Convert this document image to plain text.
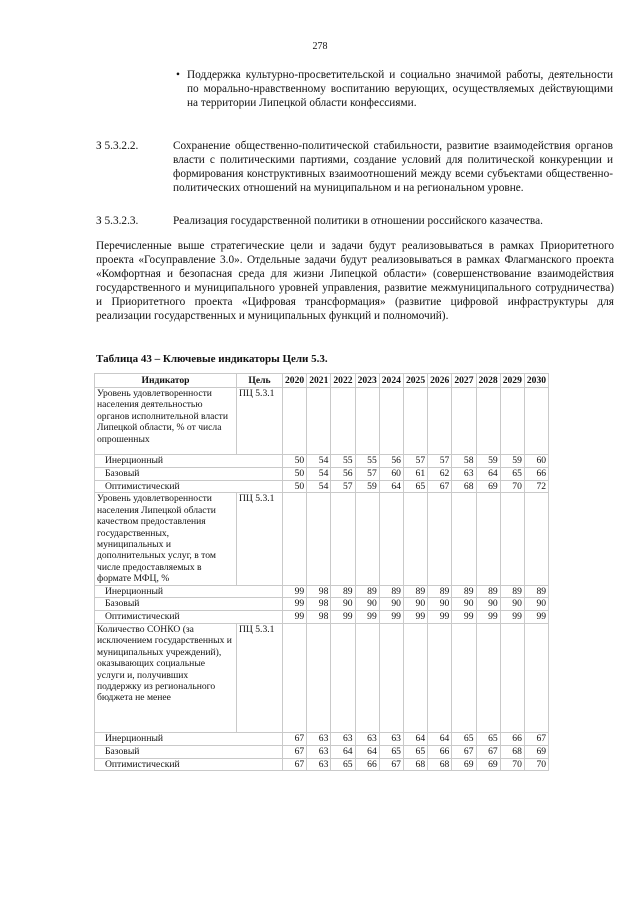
278
• Поддержка культурно-просветительской и социально значимой работы, деятельности по морально-нравственному воспитанию верующих, осуществляемых действующими на территории Липецкой области конфессиями.
З 5.3.2.2.	Сохранение общественно-политической стабильности, развитие взаимодействия органов власти с политическими партиями, создание условий для политической конкуренции и формирования конструктивных взаимоотношений между всеми субъектами общественно-политических отношений на муниципальном и на региональном уровне.
З 5.3.2.3.	Реализация государственной политики в отношении российского казачества.
Перечисленные выше стратегические цели и задачи будут реализовываться в рамках Приоритетного проекта «Госуправление 3.0». Отдельные задачи будут реализовываться в рамках Флагманского проекта «Комфортная и безопасная среда для жизни Липецкой области» (совершенствование взаимодействия государственного и муниципального уровней управления, развитие межмуниципального сотрудничества) и Приоритетного проекта «Цифровая трансформация» (развитие цифровой инфраструктуры для реализации государственных и муниципальных функций и полномочий).
Таблица 43 – Ключевые индикаторы Цели 5.3.
Индикатор	Цель	2020	2021	2022	2023	2024	2025	2026	2027	2028	2029	2030
Уровень удовлетворенности населения деятельностью органов исполнительной власти Липецкой области, % от числа опрошенных	ПЦ 5.3.1											
Инерционный		50	54	55	55	56	57	57	58	59	59	60
Базовый		50	54	56	57	60	61	62	63	64	65	66
Оптимистический		50	54	57	59	64	65	67	68	69	70	72
Уровень удовлетворенности населения Липецкой области качеством предоставления государственных, муниципальных и дополнительных услуг, в том числе предоставляемых в формате МФЦ, %	ПЦ 5.3.1											
Инерционный		99	98	89	89	89	89	89	89	89	89	89
Базовый		99	98	90	90	90	90	90	90	90	90	90
Оптимистический		99	98	99	99	99	99	99	99	99	99	99
Количество СОНКО (за исключением государственных и муниципальных учреждений), оказывающих социальные услуги и, получивших поддержку из регионального бюджета не менее	ПЦ 5.3.1											
Инерционный		67	63	63	63	63	64	64	65	65	66	67
Базовый		67	63	64	64	65	65	66	67	67	68	69
Оптимистический		67	63	65	66	67	68	68	69	69	70	70
